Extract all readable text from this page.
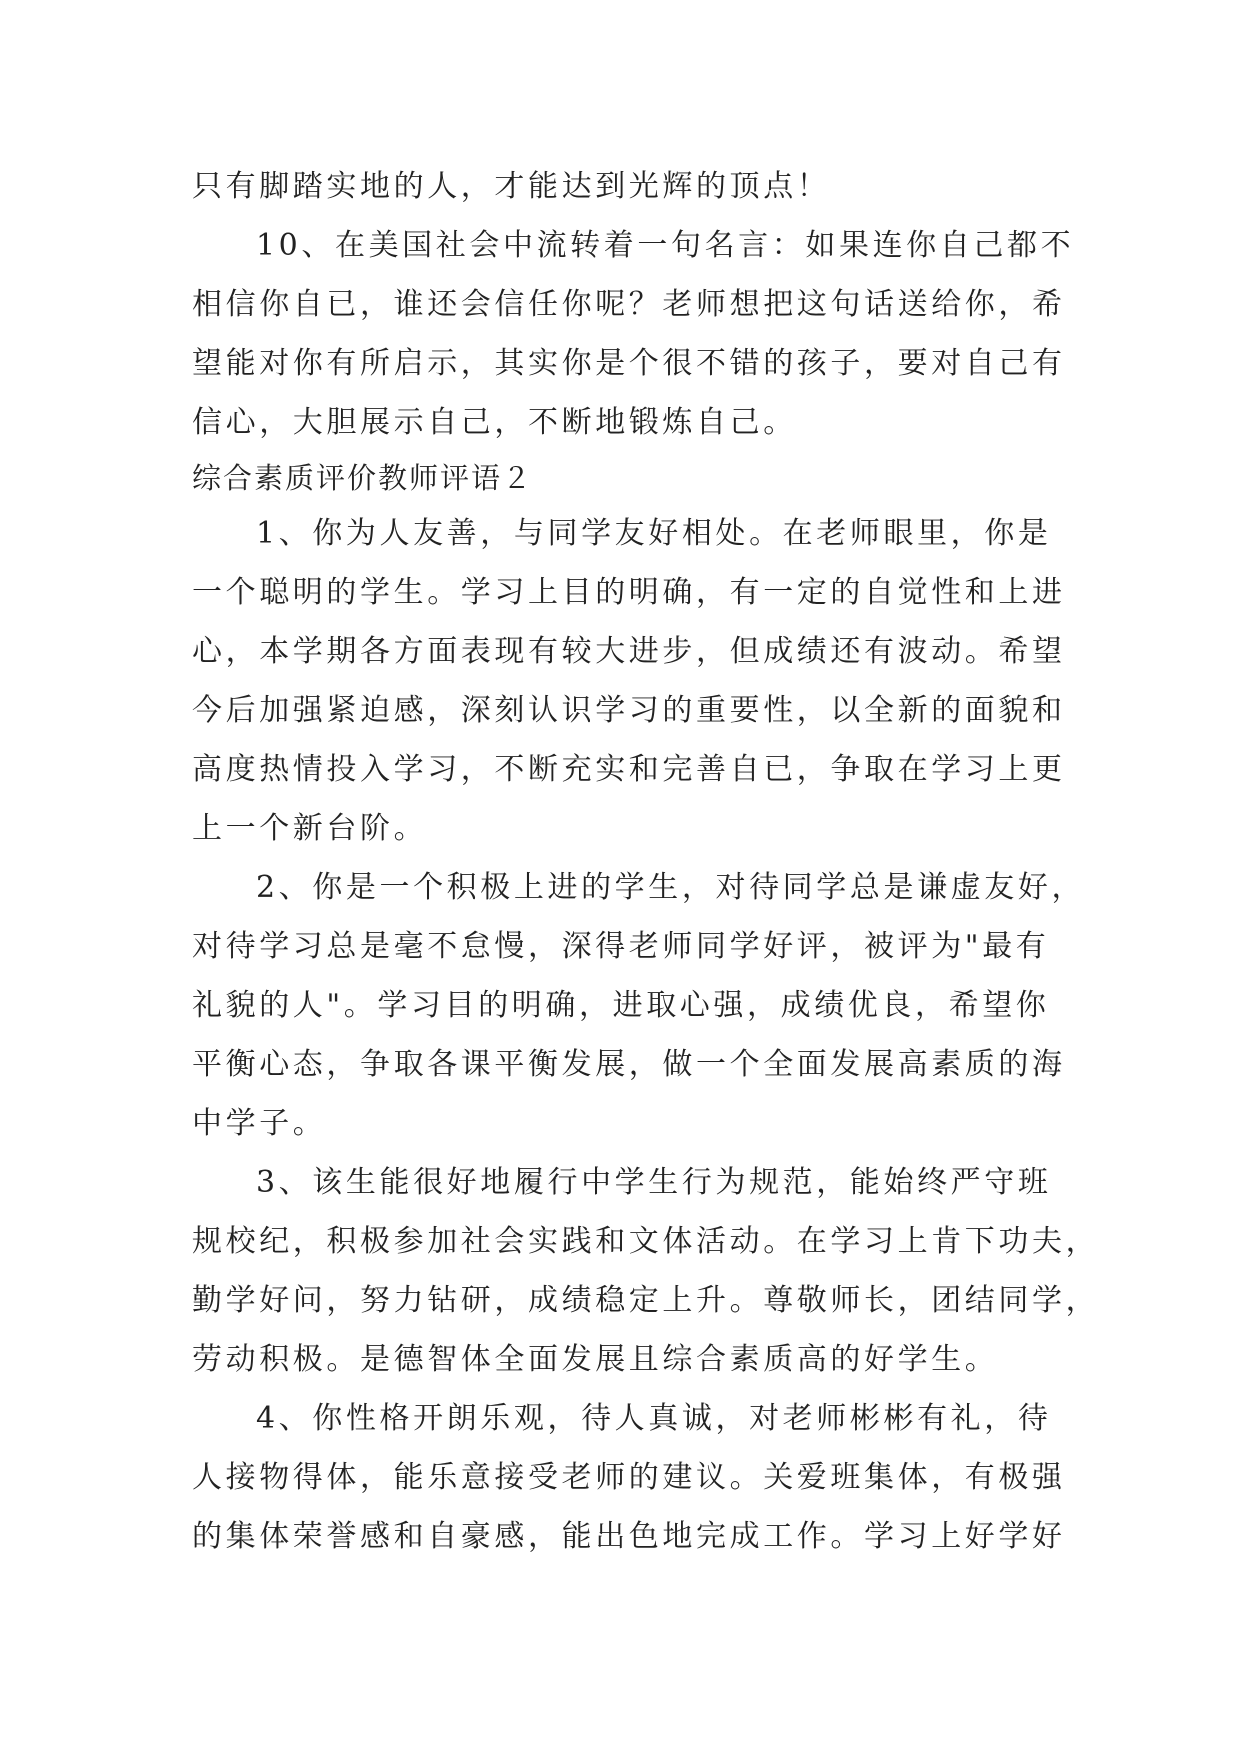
只有脚踏实地的人，才能达到光辉的顶点！
10、在美国社会中流转着一句名言：如果连你自己都不
相信你自已，谁还会信任你呢？老师想把这句话送给你，希
望能对你有所启示，其实你是个很不错的孩子，要对自己有
信心，大胆展示自己，不断地锻炼自己。
综合素质评价教师评语２
1、你为人友善，与同学友好相处。在老师眼里，你是
一个聪明的学生。学习上目的明确，有一定的自觉性和上进
心，本学期各方面表现有较大进步，但成绩还有波动。希望
今后加强紧迫感，深刻认识学习的重要性，以全新的面貌和
高度热情投入学习，不断充实和完善自已，争取在学习上更
上一个新台阶。
2、你是一个积极上进的学生，对待同学总是谦虚友好，
对待学习总是毫不怠慢，深得老师同学好评，被评为"最有
礼貌的人"。学习目的明确，进取心强，成绩优良，希望你
平衡心态，争取各课平衡发展，做一个全面发展高素质的海
中学子。
3、该生能很好地履行中学生行为规范，能始终严守班
规校纪，积极参加社会实践和文体活动。在学习上肯下功夫，
勤学好问，努力钻研，成绩稳定上升。尊敬师长，团结同学，
劳动积极。是德智体全面发展且综合素质高的好学生。
4、你性格开朗乐观，待人真诚，对老师彬彬有礼，待
人接物得体，能乐意接受老师的建议。关爱班集体，有极强
的集体荣誉感和自豪感，能出色地完成工作。学习上好学好
